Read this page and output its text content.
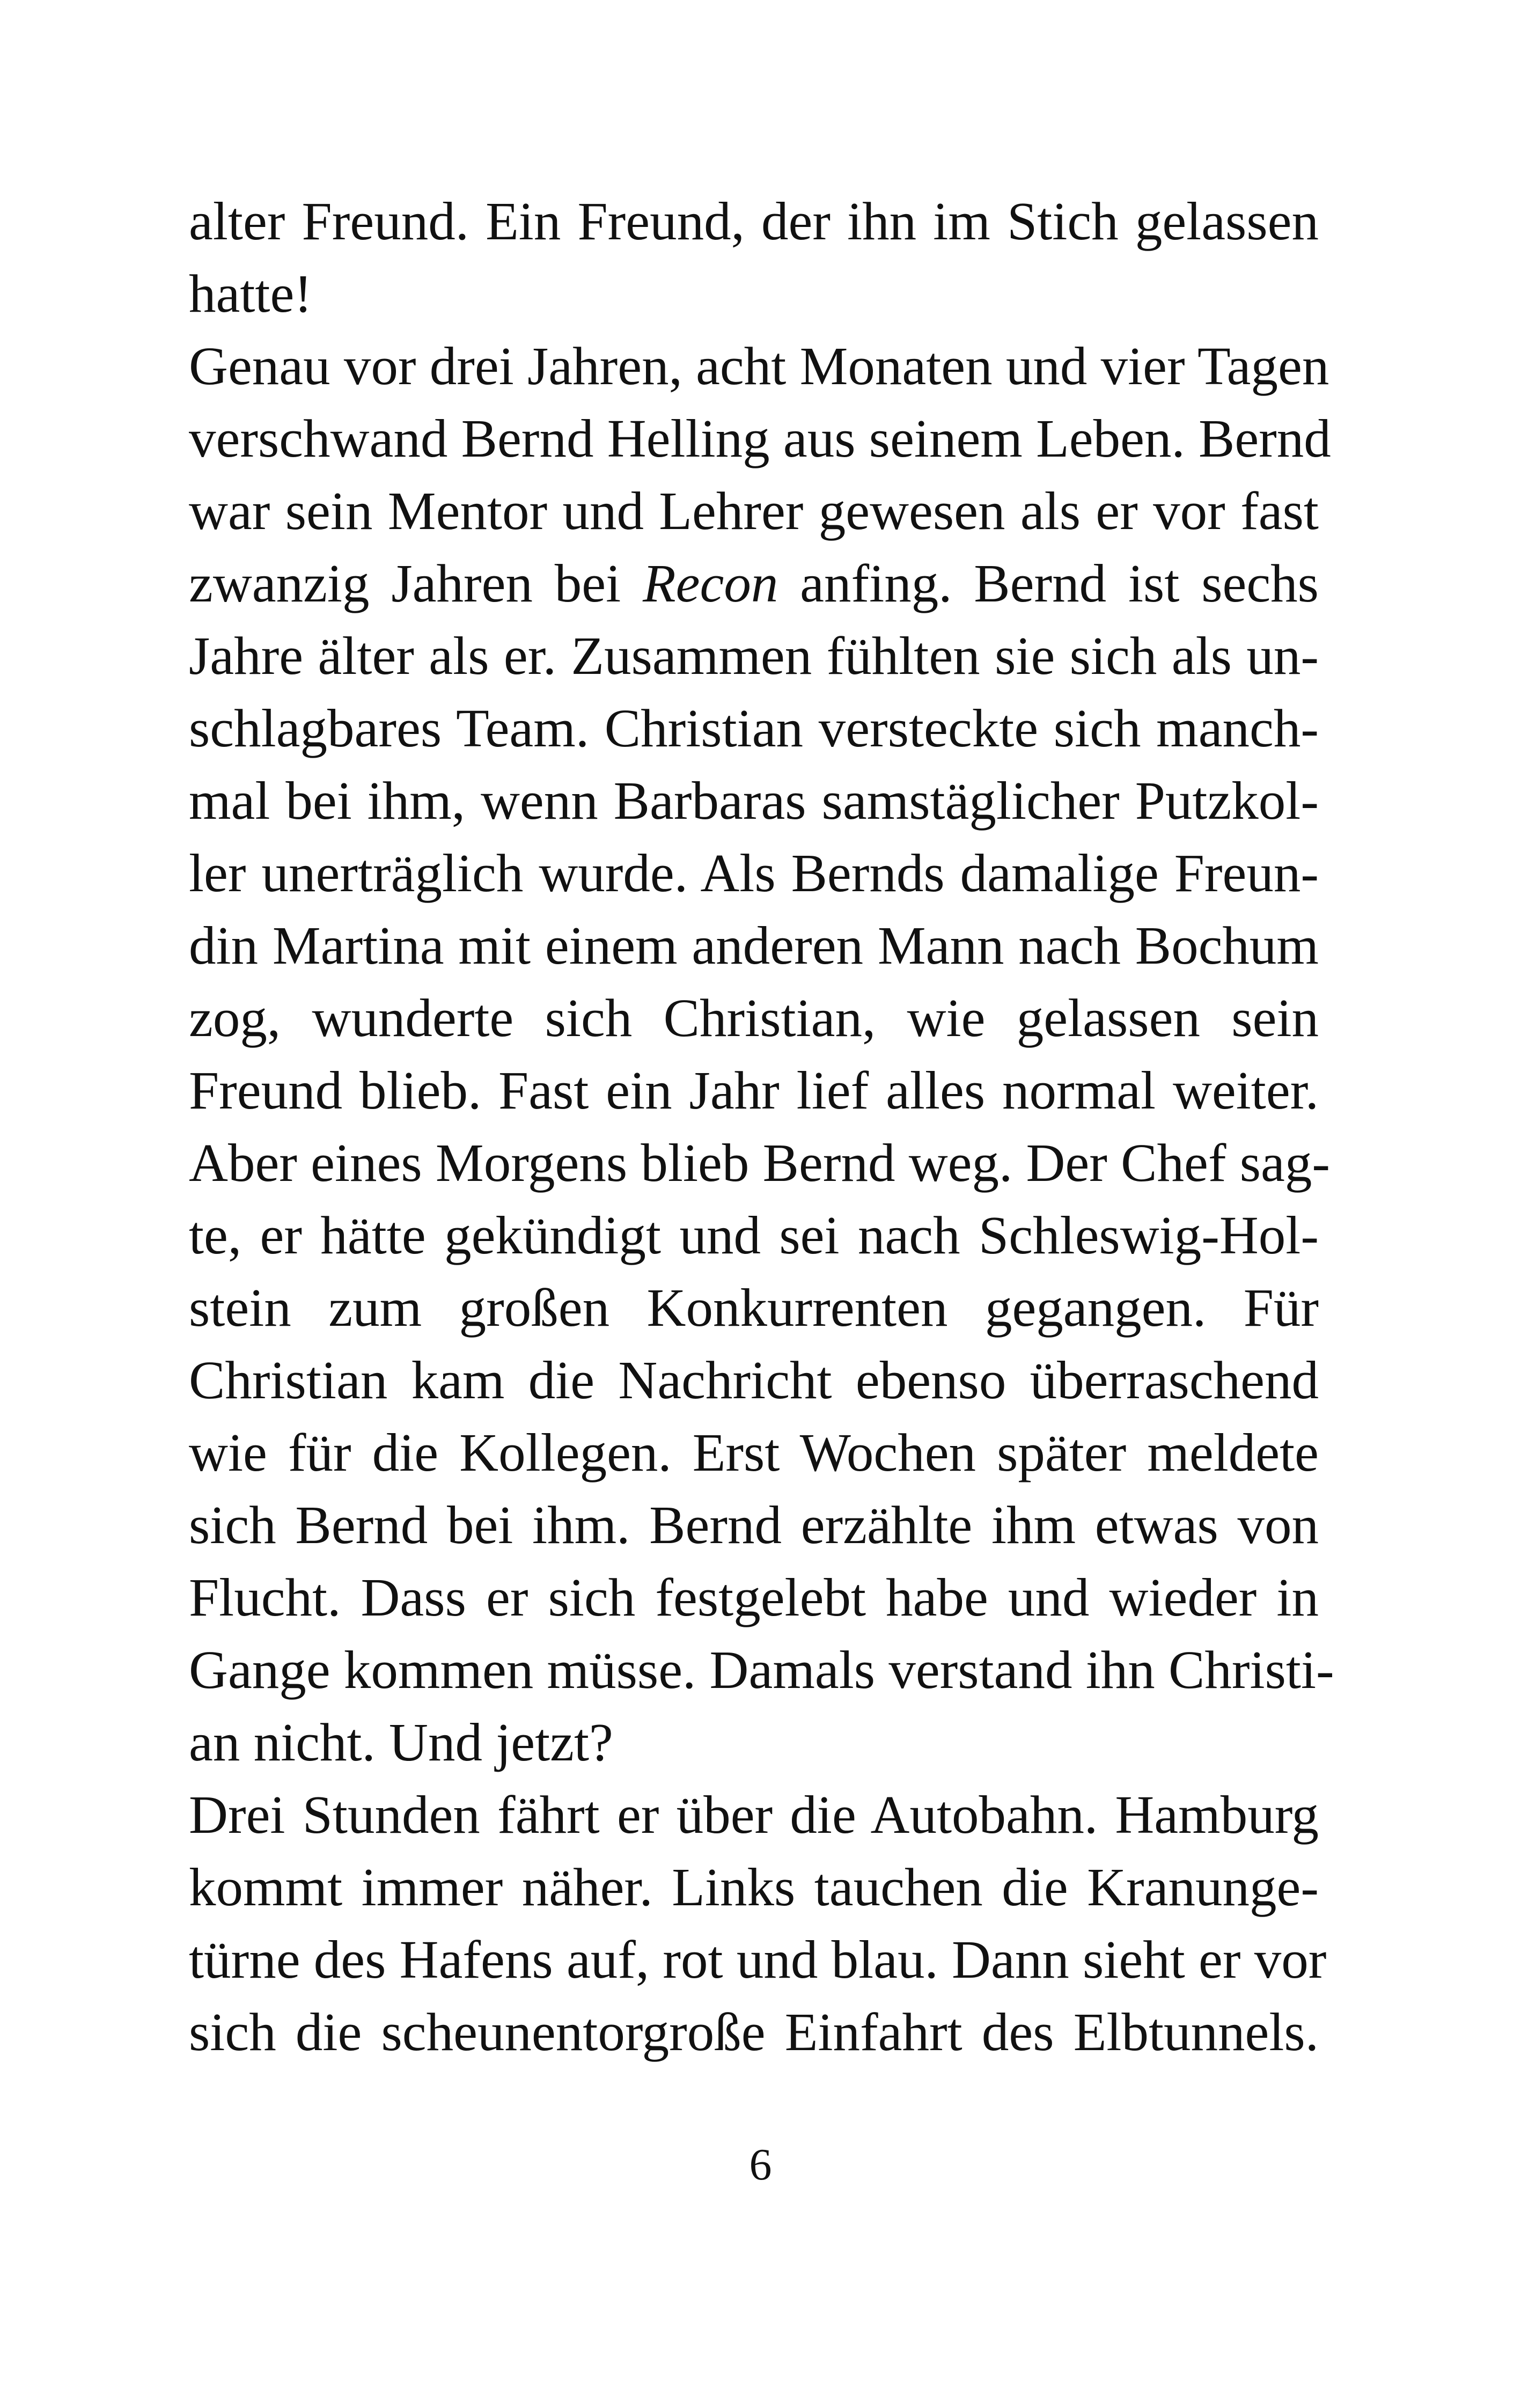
alter Freund. Ein Freund, der ihn im Stich gelassen
hatte!
Genau vor drei Jahren, acht Monaten und vier Tagen
verschwand Bernd Helling aus seinem Leben. Bernd
war sein Mentor und Lehrer gewesen als er vor fast
zwanzig Jahren bei Recon anfing. Bernd ist sechs
Jahre älter als er. Zusammen fühlten sie sich als un-
schlagbares Team. Christian versteckte sich manch-
mal bei ihm, wenn Barbaras samstäglicher Putzkol-
ler unerträglich wurde. Als Bernds damalige Freun-
din Martina mit einem anderen Mann nach Bochum
zog, wunderte sich Christian, wie gelassen sein
Freund blieb. Fast ein Jahr lief alles normal weiter.
Aber eines Morgens blieb Bernd weg. Der Chef sag-
te, er hätte gekündigt und sei nach Schleswig-Hol-
stein zum großen Konkurrenten gegangen. Für
Christian kam die Nachricht ebenso überraschend
wie für die Kollegen. Erst Wochen später meldete
sich Bernd bei ihm. Bernd erzählte ihm etwas von
Flucht. Dass er sich festgelebt habe und wieder in
Gange kommen müsse. Damals verstand ihn Christi-
an nicht. Und jetzt?
Drei Stunden fährt er über die Autobahn. Hamburg
kommt immer näher. Links tauchen die Kranunge-
türne des Hafens auf, rot und blau. Dann sieht er vor
sich die scheunentorgroße Einfahrt des Elbtunnels.
6
